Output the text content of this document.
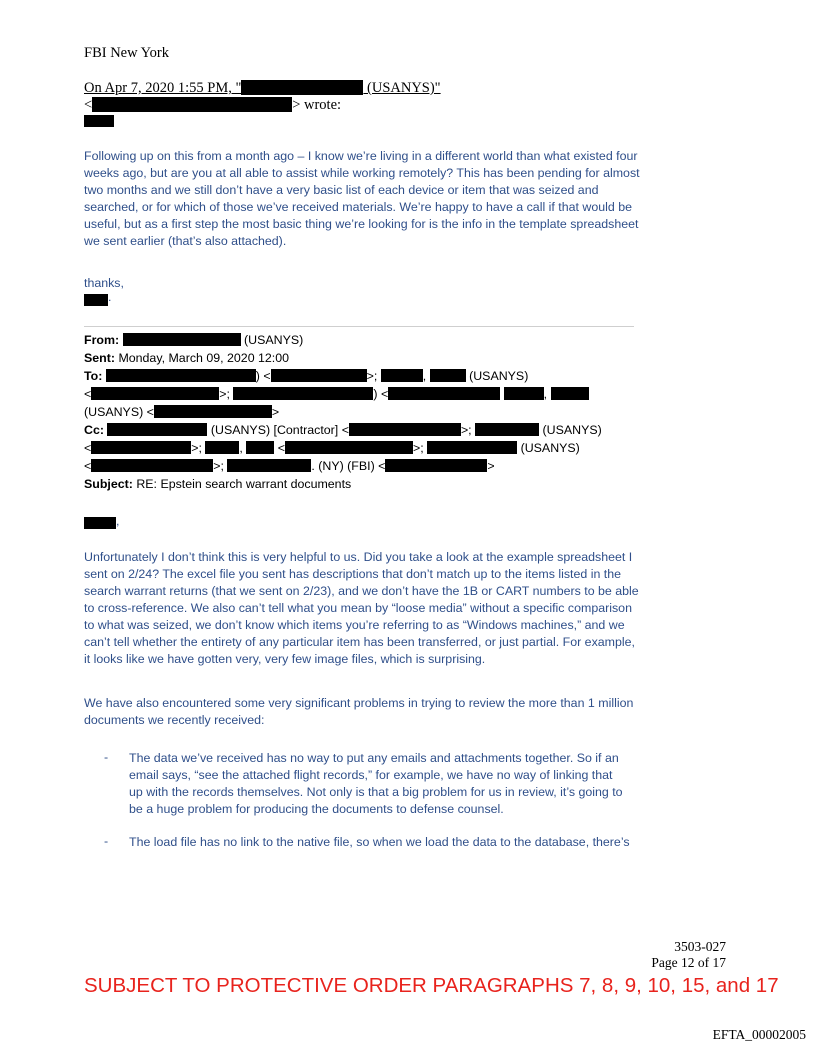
FBI New York
On Apr 7, 2020 1:55 PM, "	(USANYS)"
<	> wrote:
Following up on this from a month ago – I know we’re living in a different world than what existed four weeks ago, but are you at all able to assist while working remotely? This has been pending for almost two months and we still don’t have a very basic list of each device or item that was seized and searched, or for which of those we’ve received materials. We’re happy to have a call if that would be useful, but as a first step the most basic thing we’re looking for is the info in the template spreadsheet we sent earlier (that’s also attached).
thanks,
.
From:	(USANYS)
Sent: Monday, March 09, 2020 12:00
To:	) <	>;	,	(USANYS)
<	>;	) <	,
(USANYS) <	>
Cc:	(USANYS) [Contractor] <	>;	(USANYS)
<	>;	,	<	>;	(USANYS)
<	>;	. (NY) (FBI) <	>
Subject: RE: Epstein search warrant documents
,
Unfortunately I don’t think this is very helpful to us. Did you take a look at the example spreadsheet I sent on 2/24? The excel file you sent has descriptions that don’t match up to the items listed in the search warrant returns (that we sent on 2/23), and we don’t have the 1B or CART numbers to be able to cross-reference. We also can’t tell what you mean by “loose media” without a specific comparison to what was seized, we don’t know which items you’re referring to as “Windows machines,” and we can’t tell whether the entirety of any particular item has been transferred, or just partial. For example, it looks like we have gotten very, very few image files, which is surprising.
We have also encountered some very significant problems in trying to review the more than 1 million documents we recently received:
- The data we’ve received has no way to put any emails and attachments together. So if an email says, “see the attached flight records,” for example, we have no way of linking that up with the records themselves. Not only is that a big problem for us in review, it’s going to be a huge problem for producing the documents to defense counsel.
- The load file has no link to the native file, so when we load the data to the database, there’s
3503-027
Page 12 of 17
SUBJECT TO PROTECTIVE ORDER PARAGRAPHS 7, 8, 9, 10, 15, and 17
EFTA_00002005
